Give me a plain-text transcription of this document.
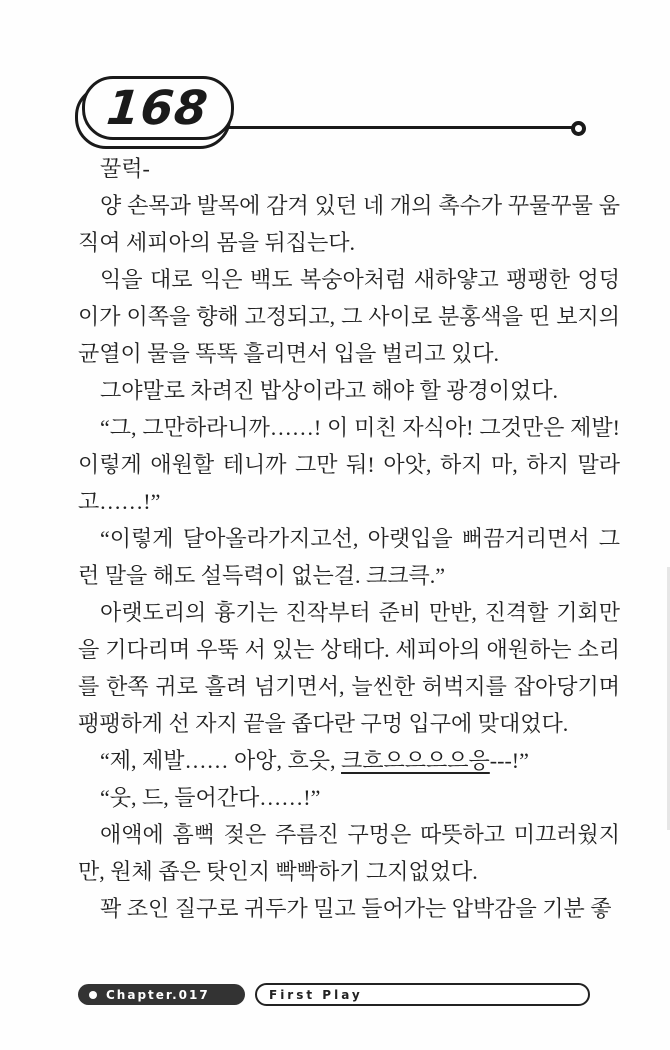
168

꿀럭-

양 손목과 발목에 감겨 있던 네 개의 촉수가 꾸물꾸물 움직여 세피아의 몸을 뒤집는다.

익을 대로 익은 백도 복숭아처럼 새하얗고 팽팽한 엉덩이가 이쪽을 향해 고정되고, 그 사이로 분홍색을 띤 보지의 균열이 물을 똑똑 흘리면서 입을 벌리고 있다.

그야말로 차려진 밥상이라고 해야 할 광경이었다.

“그, 그만하라니까……! 이 미친 자식아! 그것만은 제발! 이렇게 애원할 테니까 그만 둬! 아앗, 하지 마, 하지 말라고……!”

“이렇게 달아올라가지고선, 아랫입을 뻐끔거리면서 그런 말을 해도 설득력이 없는걸. 크크큭.”

아랫도리의 흉기는 진작부터 준비 만반, 진격할 기회만을 기다리며 우뚝 서 있는 상태다. 세피아의 애원하는 소리를 한쪽 귀로 흘려 넘기면서, 늘씬한 허벅지를 잡아당기며 팽팽하게 선 자지 끝을 좁다란 구멍 입구에 맞대었다.

“제, 제발…… 아앙, 흐읏, 크흐으으으으응---!”

“웃, 드, 들어간다……!”

애액에 흠뻑 젖은 주름진 구멍은 따뜻하고 미끄러웠지만, 원체 좁은 탓인지 빡빡하기 그지없었다.

꽉 조인 질구로 귀두가 밀고 들어가는 압박감을 기분 좋

Chapter.017	First Play
